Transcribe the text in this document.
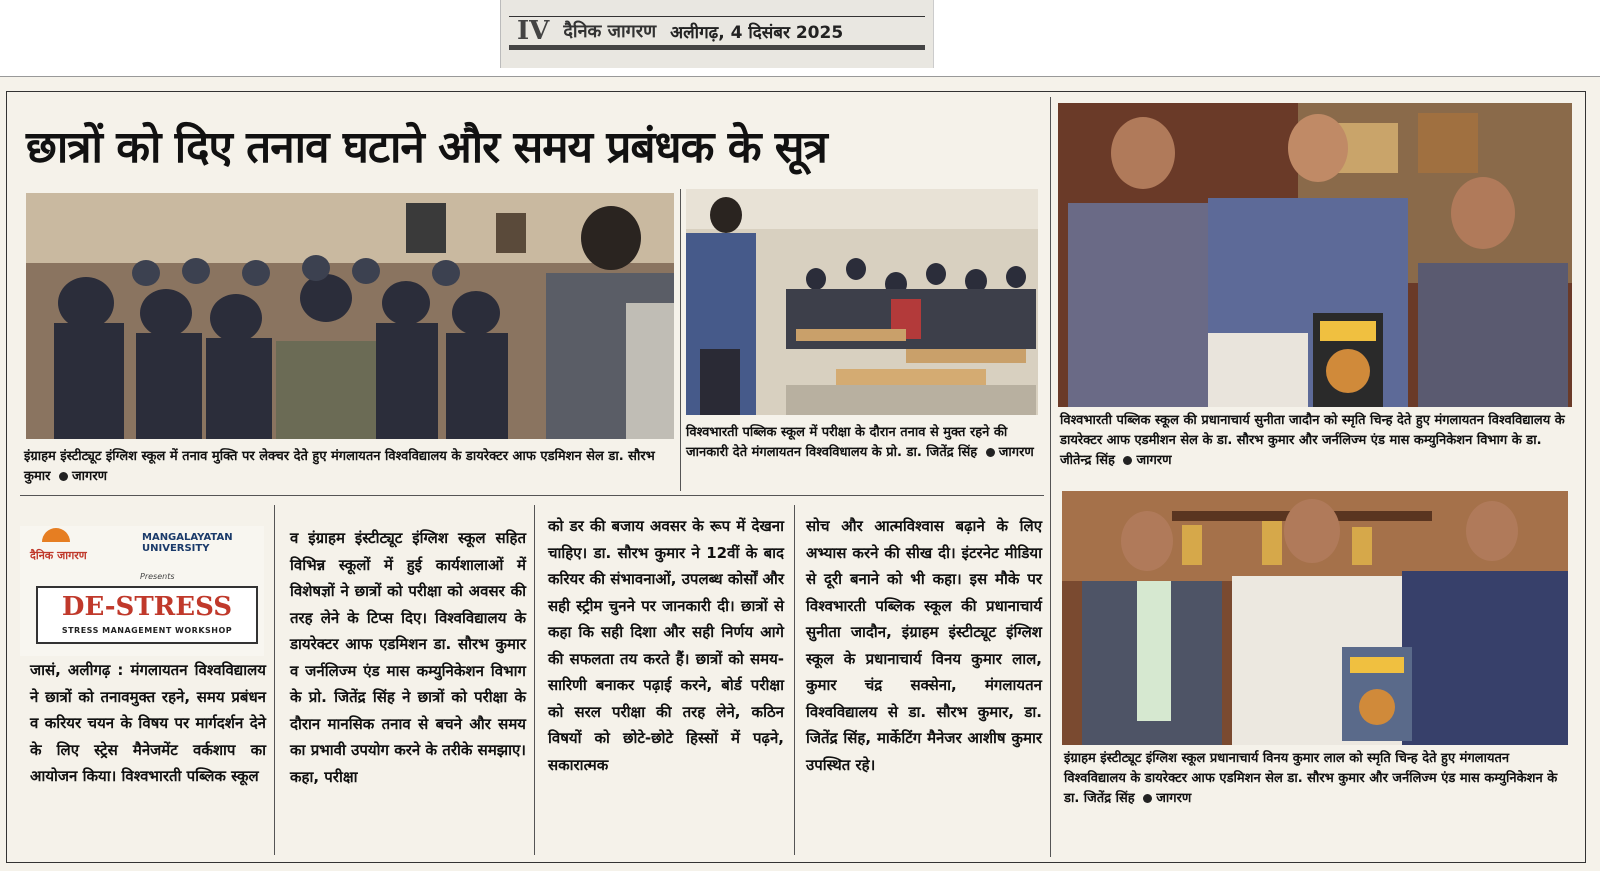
IV दैनिक जागरण अलीगढ़, 4 दिसंबर 2025
छात्रों को दिए तनाव घटाने और समय प्रबंधक के सूत्र
इंग्राहम इंस्टीट्यूट इंग्लिश स्कूल में तनाव मुक्ति पर लेक्चर देते हुए मंगलायतन विश्वविद्यालय के डायरेक्टर आफ एडमिशन सेल डा. सौरभ कुमार जागरण
विश्वभारती पब्लिक स्कूल में परीक्षा के दौरान तनाव से मुक्त रहने की जानकारी देते मंगलायतन विश्वविधालय के प्रो. डा. जितेंद्र सिंह जागरण
विश्वभारती पब्लिक स्कूल की प्रधानाचार्य सुनीता जादौन को स्मृति चिन्ह देते हुए मंगलायतन विश्वविद्यालय के डायरेक्टर आफ एडमीशन सेल के डा. सौरभ कुमार और जर्नलिज्म एंड मास कम्युनिकेशन विभाग के डा. जीतेन्द्र सिंह जागरण
इंग्राहम इंस्टीट्यूट इंग्लिश स्कूल प्रधानाचार्य विनय कुमार लाल को स्मृति चिन्ह देते हुए मंगलायतन विश्वविद्यालय के डायरेक्टर आफ एडमिशन सेल डा. सौरभ कुमार और जर्नलिज्म एंड मास कम्युनिकेशन के डा. जितेंद्र सिंह जागरण
दैनिक जागरण
MANGALAYATAN UNIVERSITY
Presents
DE-STRESS
STRESS MANAGEMENT WORKSHOP
जासं, अलीगढ़ : मंगलायतन विश्वविद्यालय ने छात्रों को तनावमुक्त रहने, समय प्रबंधन व करियर चयन के विषय पर मार्गदर्शन देने के लिए स्ट्रेस मैनेजमेंट वर्कशाप का आयोजन किया। विश्वभारती पब्लिक स्कूल
व इंग्राहम इंस्टीट्यूट इंग्लिश स्कूल सहित विभिन्न स्कूलों में हुई कार्यशालाओं में विशेषज्ञों ने छात्रों को परीक्षा को अवसर की तरह लेने के टिप्स दिए। विश्वविद्यालय के डायरेक्टर आफ एडमिशन डा. सौरभ कुमार व जर्नलिज्म एंड मास कम्युनिकेशन विभाग के प्रो. जितेंद्र सिंह ने छात्रों को परीक्षा के दौरान मानसिक तनाव से बचने और समय का प्रभावी उपयोग करने के तरीके समझाए। कहा, परीक्षा
को डर की बजाय अवसर के रूप में देखना चाहिए। डा. सौरभ कुमार ने 12वीं के बाद करियर की संभावनाओं, उपलब्ध कोर्सों और सही स्ट्रीम चुनने पर जानकारी दी। छात्रों से कहा कि सही दिशा और सही निर्णय आगे की सफलता तय करते हैं। छात्रों को समय-सारिणी बनाकर पढ़ाई करने, बोर्ड परीक्षा को सरल परीक्षा की तरह लेने, कठिन विषयों को छोटे-छोटे हिस्सों में पढ़ने, सकारात्मक
सोच और आत्मविश्वास बढ़ाने के लिए अभ्यास करने की सीख दी। इंटरनेट मीडिया से दूरी बनाने को भी कहा। इस मौके पर विश्वभारती पब्लिक स्कूल की प्रधानाचार्य सुनीता जादौन, इंग्राहम इंस्टीट्यूट इंग्लिश स्कूल के प्रधानाचार्य विनय कुमार लाल, कुमार चंद्र सक्सेना, मंगलायतन विश्वविद्यालय से डा. सौरभ कुमार, डा. जितेंद्र सिंह, मार्केटिंग मैनेजर आशीष कुमार उपस्थित रहे।
